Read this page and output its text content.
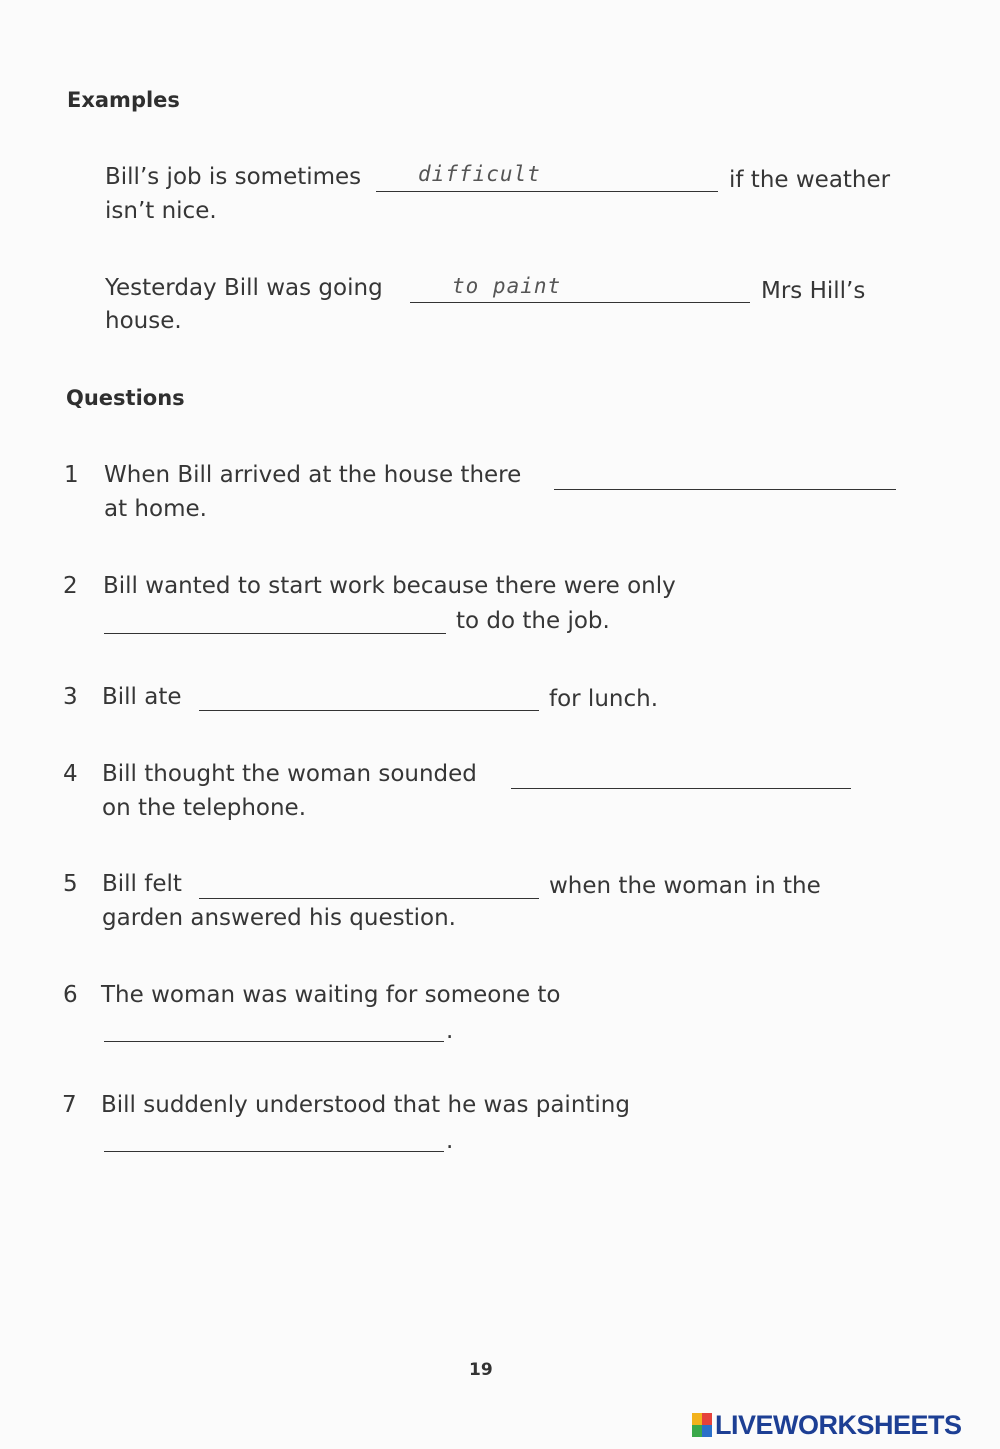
Examples
Bill’s job is sometimes	difficult	if the weather
isn’t nice.
Yesterday Bill was going	to paint	Mrs Hill’s
house.
Questions
1 When Bill arrived at the house there
at home.
2 Bill wanted to start work because there were only
to do the job.
3 Bill ate	for lunch.
4 Bill thought the woman sounded
on the telephone.
5 Bill felt	when the woman in the
garden answered his question.
6 The woman was waiting for someone to
.
7 Bill suddenly understood that he was painting
.
19
LIVEWORKSHEETS
